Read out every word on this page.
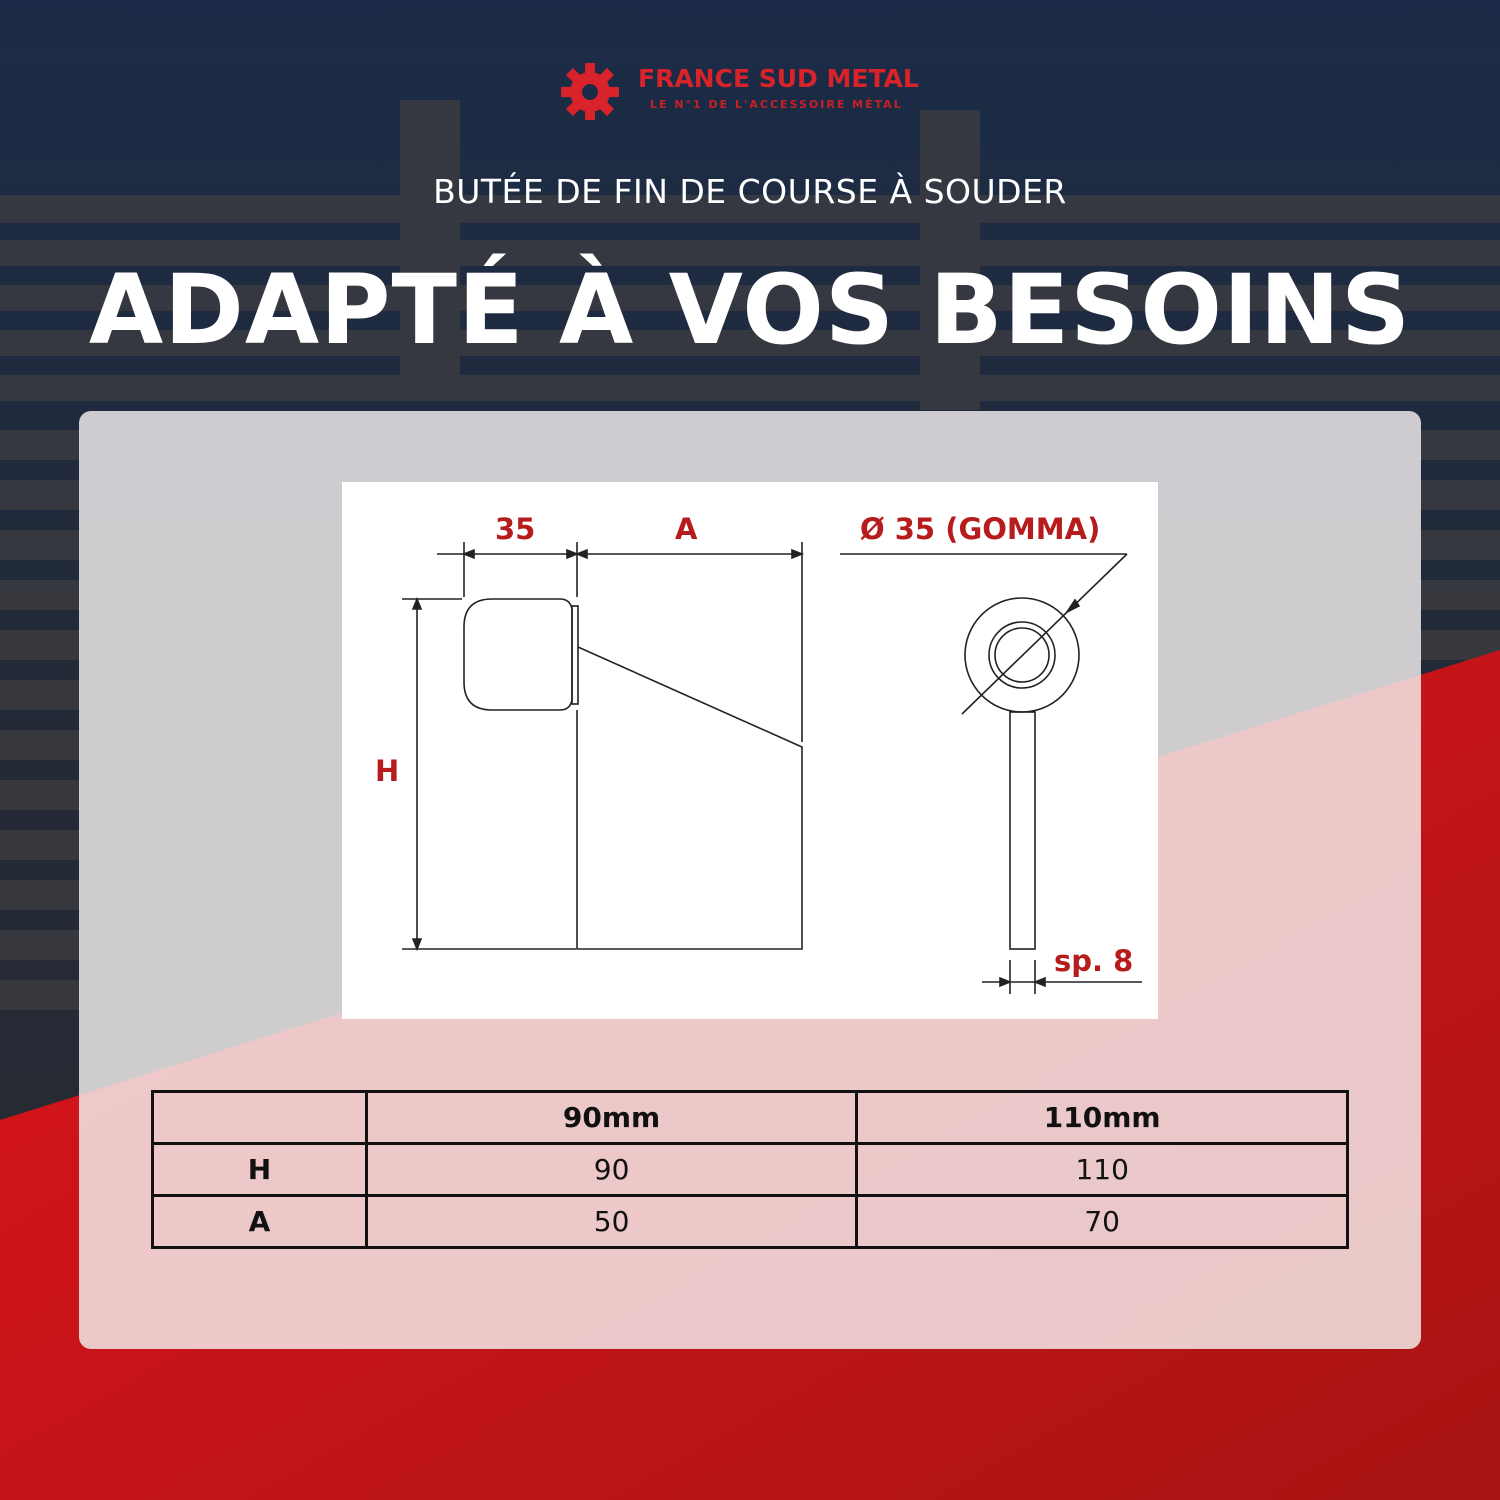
FRANCE SUD METAL
LE N°1 DE L'ACCESSOIRE MÉTAL
BUTÉE DE FIN DE COURSE À SOUDER
ADAPTÉ À VOS BESOINS
35	A	Ø 35 (GOMMA)
H
sp. 8
	90mm	110mm
H	90	110
A	50	70
